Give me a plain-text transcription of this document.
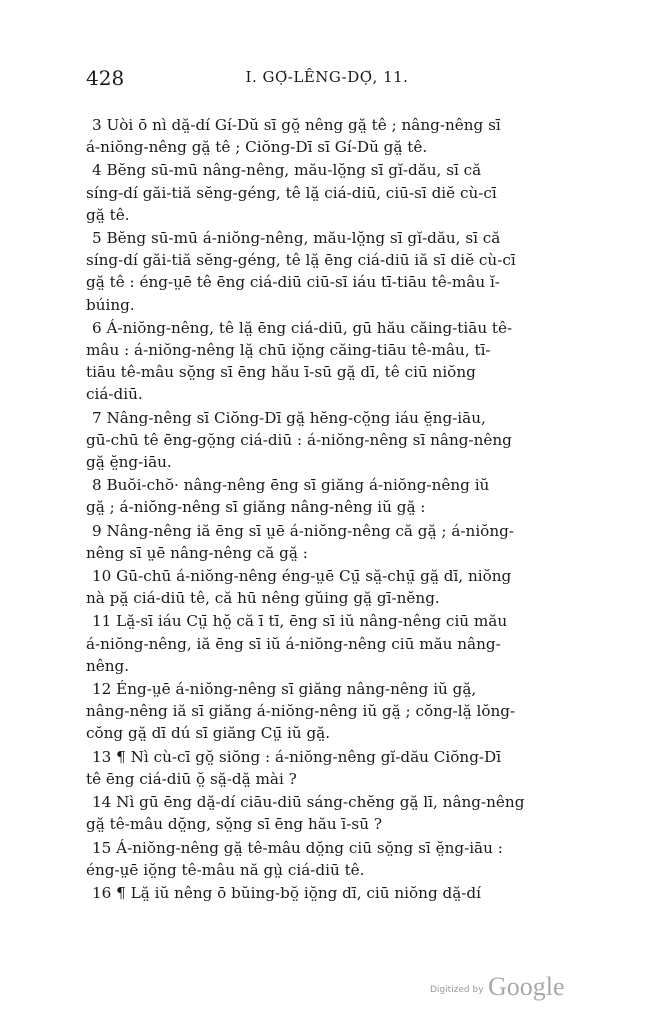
428	I. GỌ̆-LÊNG-DỌ̆, 11.
3 Uòi ō nì dă̤-dí Gí-Dŭ sī gŏ̤ nêng gă̤ tê ; nâng-nêng sī
á-niŏng-nêng gă̤ tê ; Ciŏng-Dī sī Gí-Dŭ gă̤ tê.
4 Bĕng sū-mū nâng-nêng, mău-lŏ̤ng sī gĭ-dău, sī că
síng-dí găi-tiă sĕng-géng, tê lă̤ ciá-diū, ciū-sī diĕ cù-cī
gă̤ tê.
5 Bĕng sū-mū á-niŏng-nêng, mău-lŏ̤ng sī gĭ-dău, sī că
síng-dí găi-tiă sĕng-géng, tê lă̤ ēng ciá-diū iă sī diĕ cù-cī
gă̤ tê : éng-ṳē tê ēng ciá-diū ciū-sī iáu tī-tiāu tê-mâu ĭ-
búing.
6 Á-niŏng-nêng, tê lă̤ ēng ciá-diū, gū hău căing-tiāu tê-
mâu : á-niŏng-nêng lă̤ chū iŏ̤ng căing-tiāu tê-mâu, tī-
tiāu tê-mâu sŏ̤ng sī ēng hău ī-sū gă̤ dī, tê ciū niŏng
ciá-diū.
7 Nâng-nêng sī Ciŏng-Dī gă̤ hĕng-cŏ̤ng iáu ĕ̤ng-iāu,
gū-chū tê ēng-gŏ̤ng ciá-diū : á-niŏng-nêng sī nâng-nêng
gă̤ ĕ̤ng-iāu.
8 Buŏi-chŏ· nâng-nêng ēng sī giăng á-niŏng-nêng iŭ
gă̤ ; á-niŏng-nêng sī giăng nâng-nêng iŭ gă̤ :
9 Nâng-nêng iă ēng sī ṳē á-niŏng-nêng că gă̤ ; á-niŏng-
nêng sī ṳē nâng-nêng că gă̤ :
10 Gū-chū á-niŏng-nêng éng-ṳē Cṳ̄ să̤-chṳ̄ gă̤ dī, niŏng
nà pă̤ ciá-diū tê, că hū nêng gŭing gă̤ gī-nĕng.
11 Lă̤-sī iáu Cṳ̄ hŏ̤ că ī tī, ēng sī iŭ nâng-nêng ciū mău
á-niŏng-nêng, iă ēng sī iŭ á-niŏng-nêng ciū mău nâng-
nêng.
12 Éng-ṳē á-niŏng-nêng sī giăng nâng-nêng iŭ gă̤,
nâng-nêng iă sī giăng á-niŏng-nêng iŭ gă̤ ; cŏng-lă̤ lŏng-
cŏng gă̤ dī dú sī giăng Cṳ̄ iŭ gă̤.
13 ¶ Nì cù-cī gŏ̤ siŏng : á-niŏng-nêng gĭ-dău Ciŏng-Dī
tê ēng ciá-diū ŏ̤ să̤-dă̤ mài ?
14 Nì gū ēng dă̤-dí ciāu-diū sáng-chĕng gă̤ lī, nâng-nêng
gă̤ tê-mâu dŏ̤ng, sŏ̤ng sī ēng hău ī-sū ?
15 Á-niŏng-nêng gă̤ tê-mâu dŏ̤ng ciū sŏ̤ng sī ĕ̤ng-iāu :
éng-ṳē iŏ̤ng tê-mâu nă gṳ̀ ciá-diū tê.
16 ¶ Lă̤ iŭ nêng ō bŭing-bŏ̤ iŏ̤ng dī, ciū niŏng dă̤-dí
Digitized by Google
